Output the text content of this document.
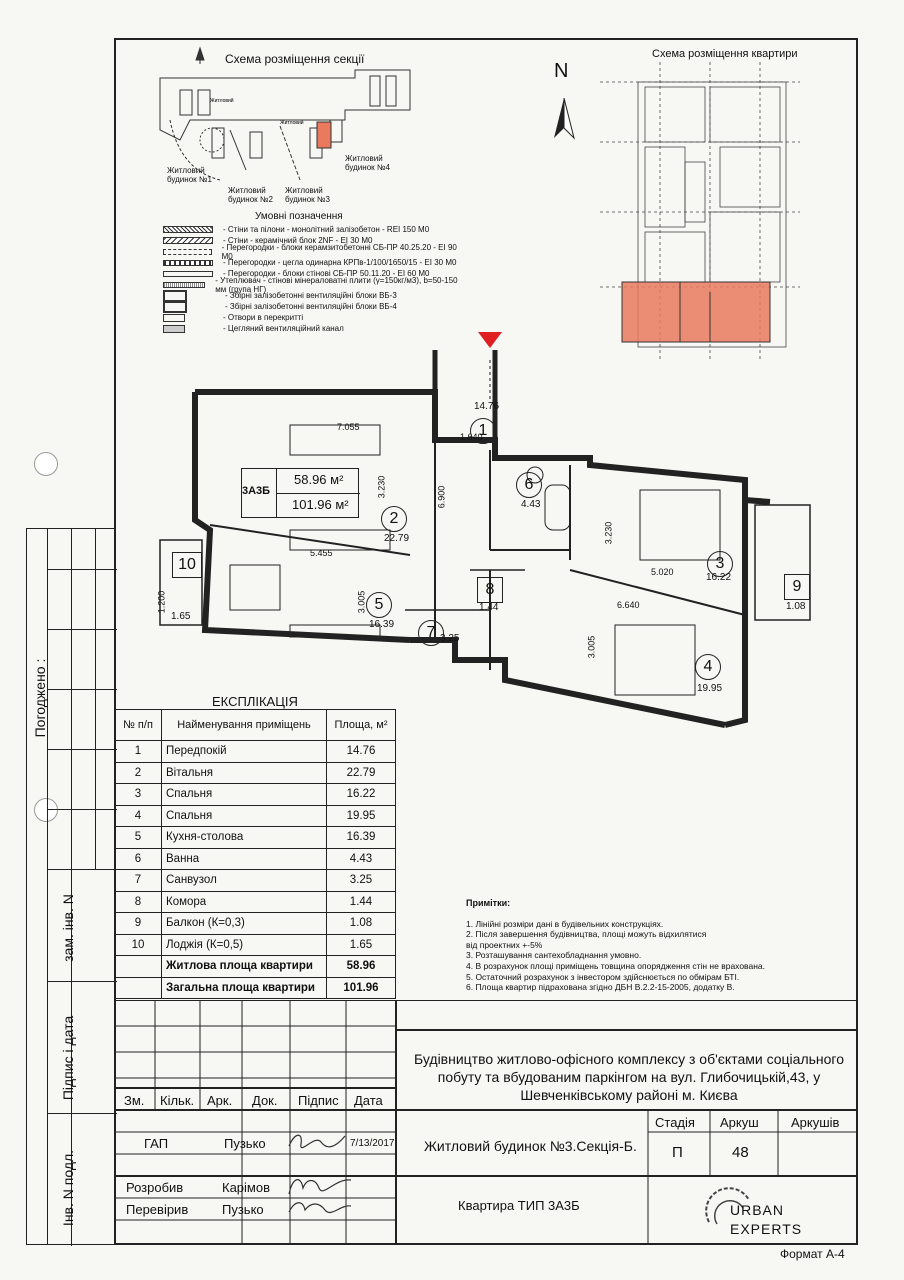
Погоджено :
зам. інв. N
Підпис і дата
Інв. N подл.
Схема розміщення секції
Житловий
Житловий
Житловий будинок №1
Житловий будинок №2
Житловий будинок №3
Житловий будинок №4
Умовні позначення
- Стіни та пілони - монолітний залізобетон - REI 150 M0
- Стіни - керамічний блок 2NF - EI 30 M0
- Перегородки - блоки керамзитобетонні СБ-ПР 40.25.20 - EI 90 M0
- Перегородки - цегла одинарна КРПв-1/100/1650/15 - EI 30 M0
- Перегородки - блоки стінові СБ-ПР 50.11.20 - EI 60 M0
- Утеплювач - стінові мінераловатні плити (γ=150кг/м3), b=50-150 мм (група НГ)
- Збірні залізобетонні вентиляційні блоки ВБ-3
- Збірні залізобетонні вентиляційні блоки ВБ-4
- Отвори в перекритті
- Цегляний вентиляційний канал
Схема розміщення квартири
N
3А3Б
58.96 м²
101.96 м²
1
14.76
2
22.79
3
16.22
4
19.95
5
16.39
6
4.43
7 3.25
8
1.44
9
1.08
10
1.65
7.055
3.230
5.455
3.005
6.900
1.640
5.020
3.230
6.640
3.005
1.200
ЕКСПЛІКАЦІЯ
№ п/п	Найменування приміщень	Площа, м²
1	Передпокій	14.76
2	Вітальня	22.79
3	Спальня	16.22
4	Спальня	19.95
5	Кухня-столова	16.39
6	Ванна	4.43
7	Санвузол	3.25
8	Комора	1.44
9	Балкон (К=0,3)	1.08
10	Лоджія (К=0,5)	1.65
	Житлова площа квартири	58.96
	Загальна площа квартири	101.96
Примітки:
1. Лінійні розміри дані в будівельних конструкціях.
2. Після завершення будівництва, площі можуть відхилятися
від проектних +-5%
3. Розташування сантехобладнання умовно.
4. В розрахунок площі приміщень товщина опорядження стін не врахована.
5. Остаточний розрахунок з інвестором здійснюється по обмірам БТІ.
6. Площа квартир підрахована згідно ДБН В.2.2-15-2005, додатку В.
Будівництво житлово-офісного комплексу з об'єктами соціального побуту та вбудованим паркінгом на вул. Глибочицькій,43, у Шевченківському районі м. Києва
Зм. Кільк. Арк. Док. Підпис Дата
ГАП	Пузько	7/13/2017
Розробив	Карімов
Перевірив	Пузько
Житловий будинок №3.Секція-Б.
Квартира ТИП 3А3Б
Стадія Аркуш Аркушів
П	48
URBAN
EXPERTS
Формат А-4
